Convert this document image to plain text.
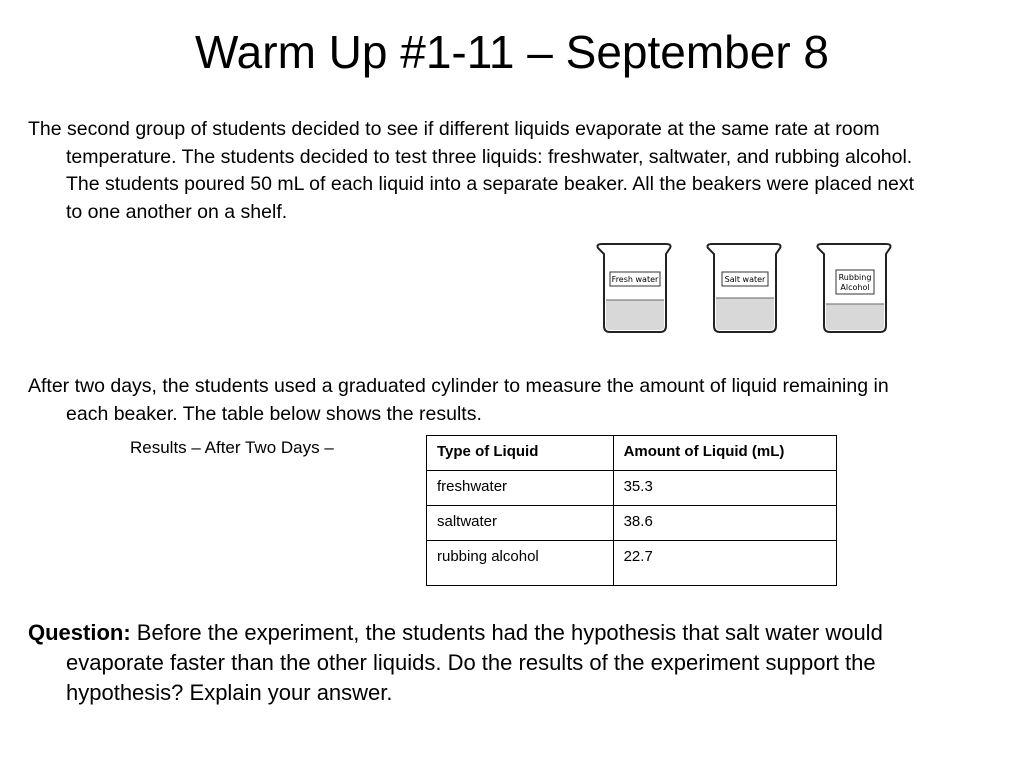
Warm Up #1-11 – September 8
The second group of students decided to see if different liquids evaporate at the same rate at room temperature. The students decided to test three liquids: freshwater, saltwater, and rubbing alcohol. The students poured 50 mL of each liquid into a separate beaker. All the beakers were placed next to one another on a shelf.
Fresh water	Salt water	Rubbing
Alcohol
After two days, the students used a graduated cylinder to measure the amount of liquid remaining in each beaker. The table below shows the results.
Results – After Two Days –	Type of Liquid	Amount of Liquid (mL)
freshwater	35.3
saltwater	38.6
rubbing alcohol	22.7
Question: Before the experiment, the students had the hypothesis that salt water would evaporate faster than the other liquids. Do the results of the experiment support the hypothesis? Explain your answer.
